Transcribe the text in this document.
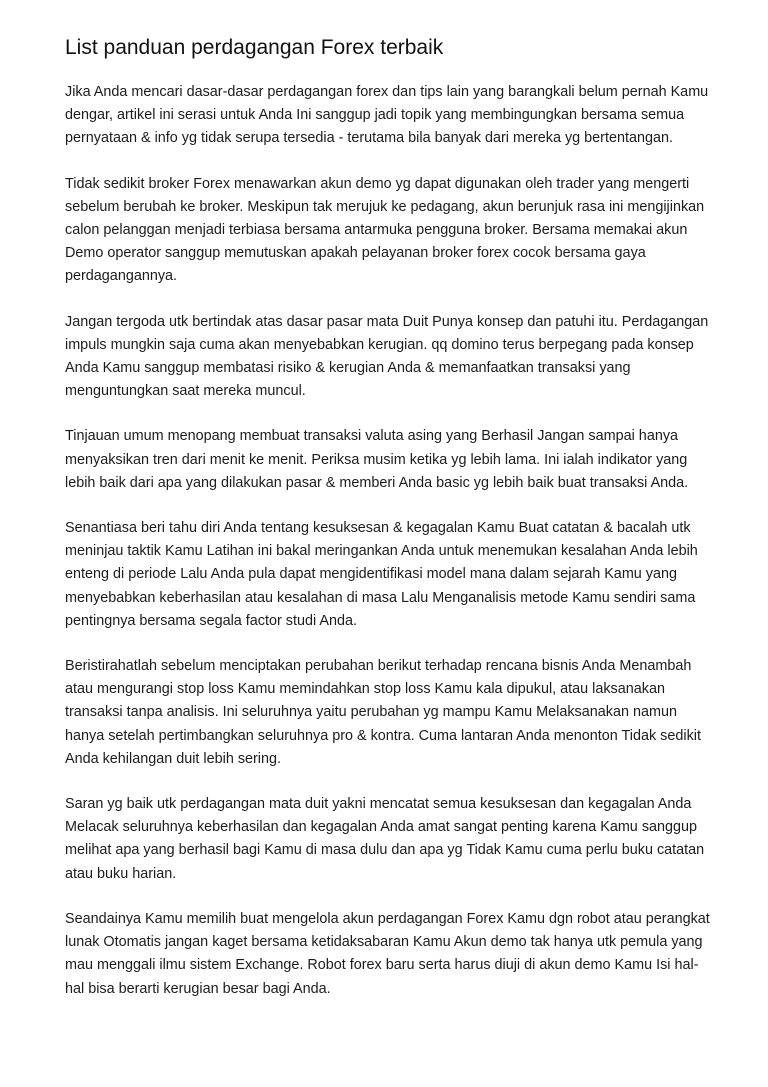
List panduan perdagangan Forex terbaik

Jika Anda mencari dasar-dasar perdagangan forex dan tips lain yang barangkali belum pernah Kamu dengar, artikel ini serasi untuk Anda Ini sanggup jadi topik yang membingungkan bersama semua pernyataan & info yg tidak serupa tersedia - terutama bila banyak dari mereka yg bertentangan.

Tidak sedikit broker Forex menawarkan akun demo yg dapat digunakan oleh trader yang mengerti sebelum berubah ke broker. Meskipun tak merujuk ke pedagang, akun berunjuk rasa ini mengijinkan calon pelanggan menjadi terbiasa bersama antarmuka pengguna broker. Bersama memakai akun Demo operator sanggup memutuskan apakah pelayanan broker forex cocok bersama gaya perdagangannya.

Jangan tergoda utk bertindak atas dasar pasar mata Duit Punya konsep dan patuhi itu. Perdagangan impuls mungkin saja cuma akan menyebabkan kerugian. qq domino terus berpegang pada konsep Anda Kamu sanggup membatasi risiko & kerugian Anda & memanfaatkan transaksi yang menguntungkan saat mereka muncul.

Tinjauan umum menopang membuat transaksi valuta asing yang Berhasil Jangan sampai hanya menyaksikan tren dari menit ke menit. Periksa musim ketika yg lebih lama. Ini ialah indikator yang lebih baik dari apa yang dilakukan pasar & memberi Anda basic yg lebih baik buat transaksi Anda.

Senantiasa beri tahu diri Anda tentang kesuksesan & kegagalan Kamu Buat catatan & bacalah utk meninjau taktik Kamu Latihan ini bakal meringankan Anda untuk menemukan kesalahan Anda lebih enteng di periode Lalu Anda pula dapat mengidentifikasi model mana dalam sejarah Kamu yang menyebabkan keberhasilan atau kesalahan di masa Lalu Menganalisis metode Kamu sendiri sama pentingnya bersama segala factor studi Anda.

Beristirahatlah sebelum menciptakan perubahan berikut terhadap rencana bisnis Anda Menambah atau mengurangi stop loss Kamu memindahkan stop loss Kamu kala dipukul, atau laksanakan transaksi tanpa analisis. Ini seluruhnya yaitu perubahan yg mampu Kamu Melaksanakan namun hanya setelah pertimbangkan seluruhnya pro & kontra. Cuma lantaran Anda menonton Tidak sedikit Anda kehilangan duit lebih sering.

Saran yg baik utk perdagangan mata duit yakni mencatat semua kesuksesan dan kegagalan Anda Melacak seluruhnya keberhasilan dan kegagalan Anda amat sangat penting karena Kamu sanggup melihat apa yang berhasil bagi Kamu di masa dulu dan apa yg Tidak Kamu cuma perlu buku catatan atau buku harian.

Seandainya Kamu memilih buat mengelola akun perdagangan Forex Kamu dgn robot atau perangkat lunak Otomatis jangan kaget bersama ketidaksabaran Kamu Akun demo tak hanya utk pemula yang mau menggali ilmu sistem Exchange. Robot forex baru serta harus diuji di akun demo Kamu Isi hal-hal bisa berarti kerugian besar bagi Anda.
